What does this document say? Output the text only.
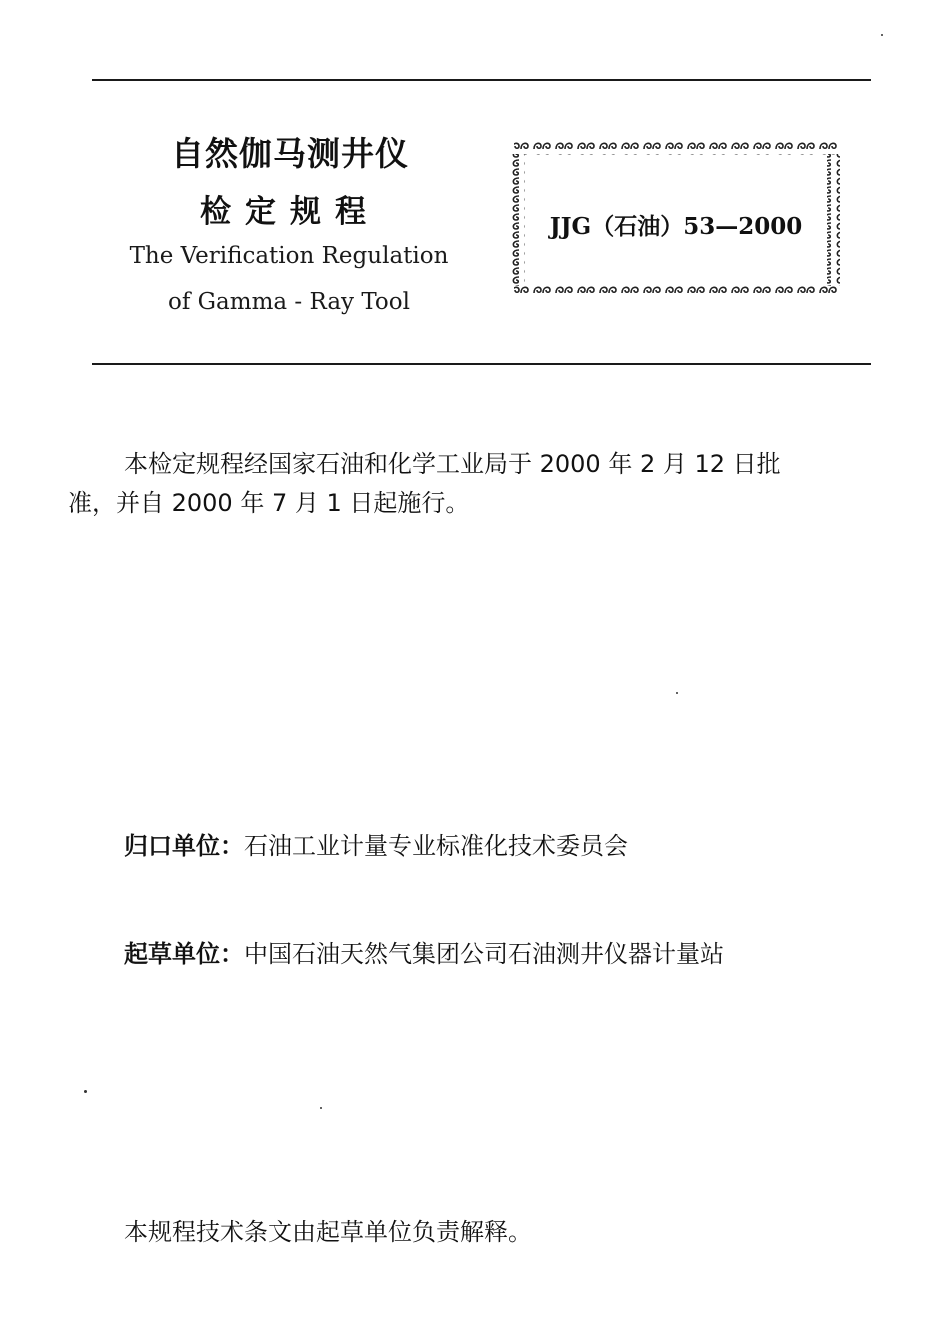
自然伽马测井仪
检定规程
The Verification Regulation
of Gamma - Ray Tool
JJG（石油）53—2000
本检定规程经国家石油和化学工业局于 2000 年 2 月 12 日批
准，并自 2000 年 7 月 1 日起施行。
归口单位：石油工业计量专业标准化技术委员会
起草单位：中国石油天然气集团公司石油测井仪器计量站
本规程技术条文由起草单位负责解释。
